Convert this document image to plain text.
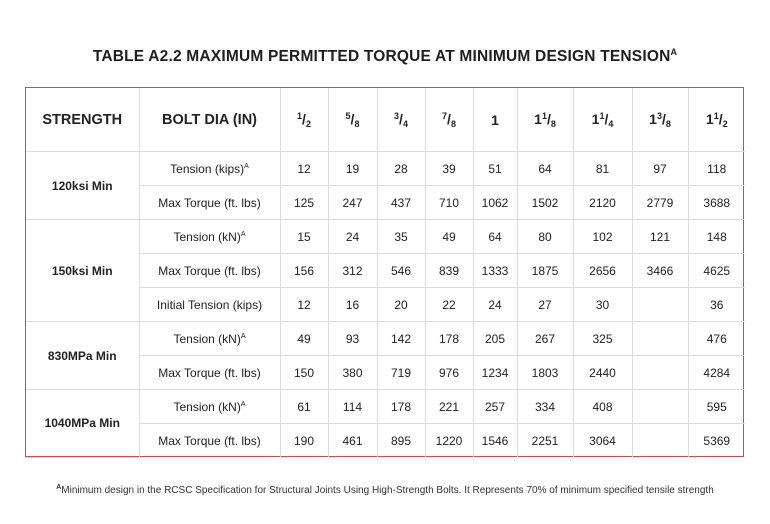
TABLE A2.2 MAXIMUM PERMITTED TORQUE AT MINIMUM DESIGN $TENSION^A$
STRENGTH	BOLT DIA (IN)	$^1/_2$	$^5/_8$	$^3/_4$	$^7/_8$	1	$1^1/_8$	$1^1/_4$	$1^3/_8$	$1^1/_2$
120ksi Min	Tension (kips)$^A$	12	19	28	39	51	64	81	97	118
	Max Torque (ft. lbs)	125	247	437	710	1062	1502	2120	2779	3688
150ksi Min	Tension (kN)$^A$	15	24	35	49	64	80	102	121	148
	Max Torque (ft. lbs)	156	312	546	839	1333	1875	2656	3466	4625
	Initial Tension (kips)	12	16	20	22	24	27	30		36
830MPa Min	Tension (kN)$^A$	49	93	142	178	205	267	325		476
	Max Torque (ft. lbs)	150	380	719	976	1234	1803	2440		4284
1040MPa Min	Tension (kN)$^A$	61	114	178	221	257	334	408		595
	Max Torque (ft. lbs)	190	461	895	1220	1546	2251	3064		5369
$^A$Minimum design in the RCSC Specification for Structural Joints Using High-Strength Bolts. It Represents 70% of minimum specified tensile strength
